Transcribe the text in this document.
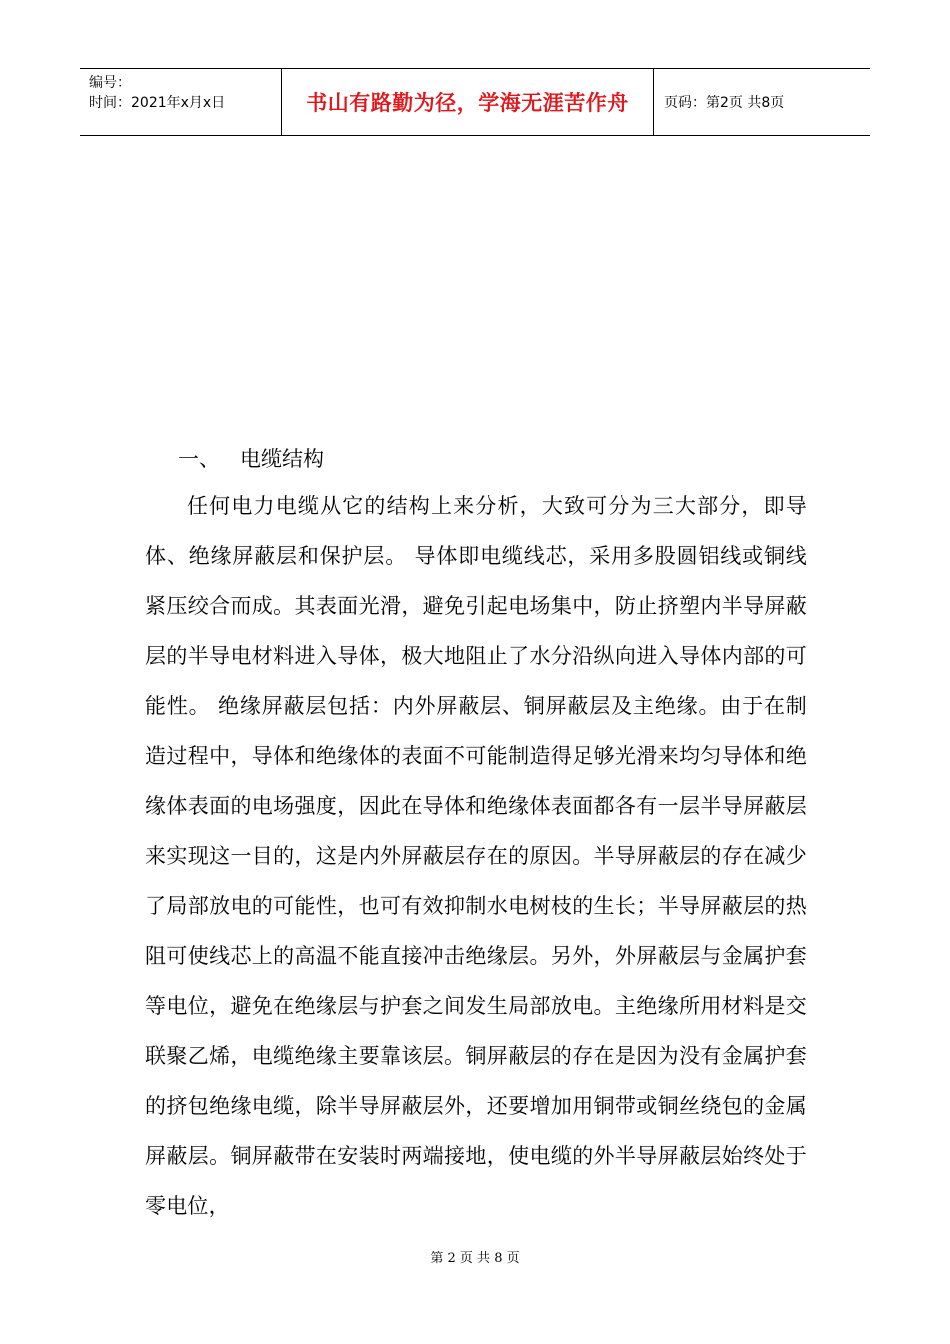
编号：
时间：2021年x月x日	书山有路勤为径，学海无涯苦作舟	页码：第2页 共8页
一、 电缆结构

任何电力电缆从它的结构上来分析，大致可分为三大部分，即导体、绝缘屏蔽层和保护层。 导体即电缆线芯，采用多股圆铝线或铜线紧压绞合而成。其表面光滑，避免引起电场集中，防止挤塑内半导屏蔽层的半导电材料进入导体，极大地阻止了水分沿纵向进入导体内部的可能性。 绝缘屏蔽层包括：内外屏蔽层、铜屏蔽层及主绝缘。由于在制造过程中，导体和绝缘体的表面不可能制造得足够光滑来均匀导体和绝缘体表面的电场强度，因此在导体和绝缘体表面都各有一层半导屏蔽层来实现这一目的，这是内外屏蔽层存在的原因。半导屏蔽层的存在减少了局部放电的可能性，也可有效抑制水电树枝的生长；半导屏蔽层的热阻可使线芯上的高温不能直接冲击绝缘层。另外，外屏蔽层与金属护套等电位，避免在绝缘层与护套之间发生局部放电。主绝缘所用材料是交联聚乙烯，电缆绝缘主要靠该层。铜屏蔽层的存在是因为没有金属护套的挤包绝缘电缆，除半导屏蔽层外，还要增加用铜带或铜丝绕包的金属屏蔽层。铜屏蔽带在安装时两端接地，使电缆的外半导屏蔽层始终处于零电位，

第 2 页 共 8 页
